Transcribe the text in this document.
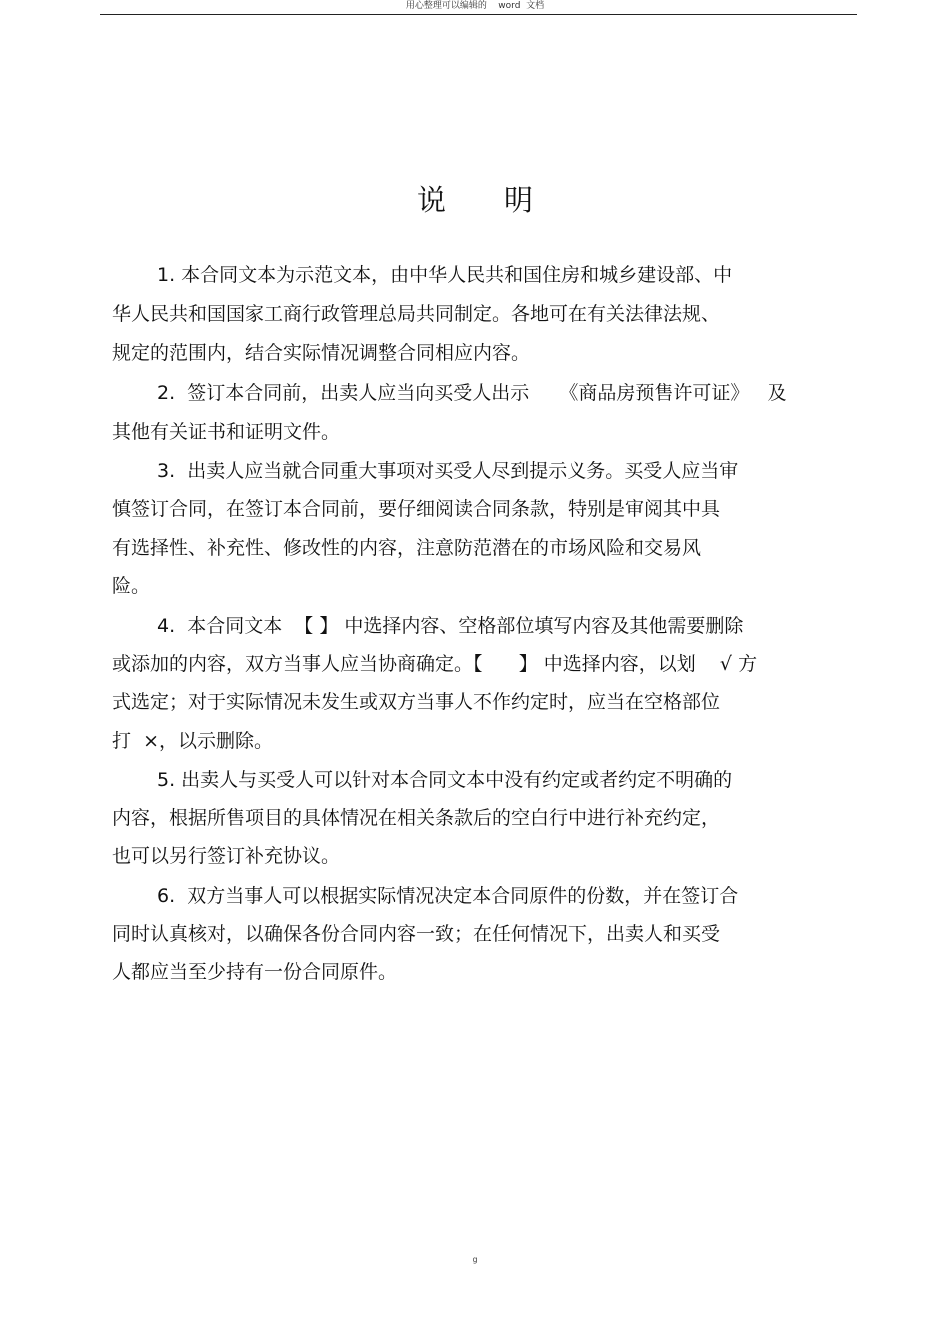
用心整理可以编辑的    word  文档
说明
1. 本合同文本为示范文本，由中华人民共和国住房和城乡建设部、中
华人民共和国国家工商行政管理总局共同制定。各地可在有关法律法规、
规定的范围内，结合实际情况调整合同相应内容。
2.  签订本合同前，出卖人应当向买受人出示     《商品房预售许可证》   及
其他有关证书和证明文件。
3.  出卖人应当就合同重大事项对买受人尽到提示义务。买受人应当审
慎签订合同，在签订本合同前，要仔细阅读合同条款，特别是审阅其中具
有选择性、补充性、修改性的内容，注意防范潜在的市场风险和交易风
险。
4.  本合同文本  【 】 中选择内容、空格部位填写内容及其他需要删除
或添加的内容，双方当事人应当协商确定。【      】 中选择内容，以划    √ 方
式选定；对于实际情况未发生或双方当事人不作约定时，应当在空格部位
打  ×，以示删除。
5. 出卖人与买受人可以针对本合同文本中没有约定或者约定不明确的
内容，根据所售项目的具体情况在相关条款后的空白行中进行补充约定，
也可以另行签订补充协议。
6.  双方当事人可以根据实际情况决定本合同原件的份数，并在签订合
同时认真核对，以确保各份合同内容一致；在任何情况下，出卖人和买受
人都应当至少持有一份合同原件。
g
